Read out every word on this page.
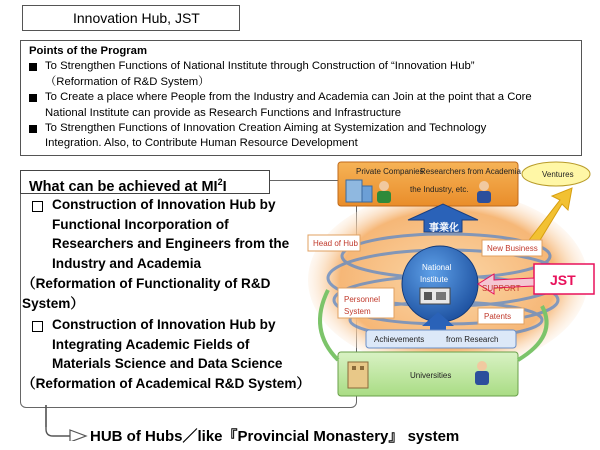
Innovation Hub, JST
Points of the Program
To Strengthen Functions of National Institute through Construction of “Innovation Hub”
（Reformation of R&D System）
To Create a place where People from the Industry and Academia can Join at the point that a Core
National Institute can provide as Research Functions and Infrastructure
To Strengthen Functions of Innovation Creation Aiming at Systemization and Technology
Integration. Also, to Contribute Human Resource Development
What can be achieved at $MI^2I$
Construction of Innovation Hub by
Functional Incorporation of
Researchers and Engineers from the
Industry and Academia
（Reformation of Functionality of R&D
System）
Construction of Innovation Hub by
Integrating Academic Fields of
Materials Science and Data Science
（Reformation of Academical R&D System）
HUB of Hubs／like『Provincial Monastery』 system
Private Companies
Researchers from Academia
the Industry, etc.
Ventures
事業化
Head of Hub
New Business
National
Institute	JST
SUPPORT
Personnel
System
Patents
Achievements	from Research
Universities
